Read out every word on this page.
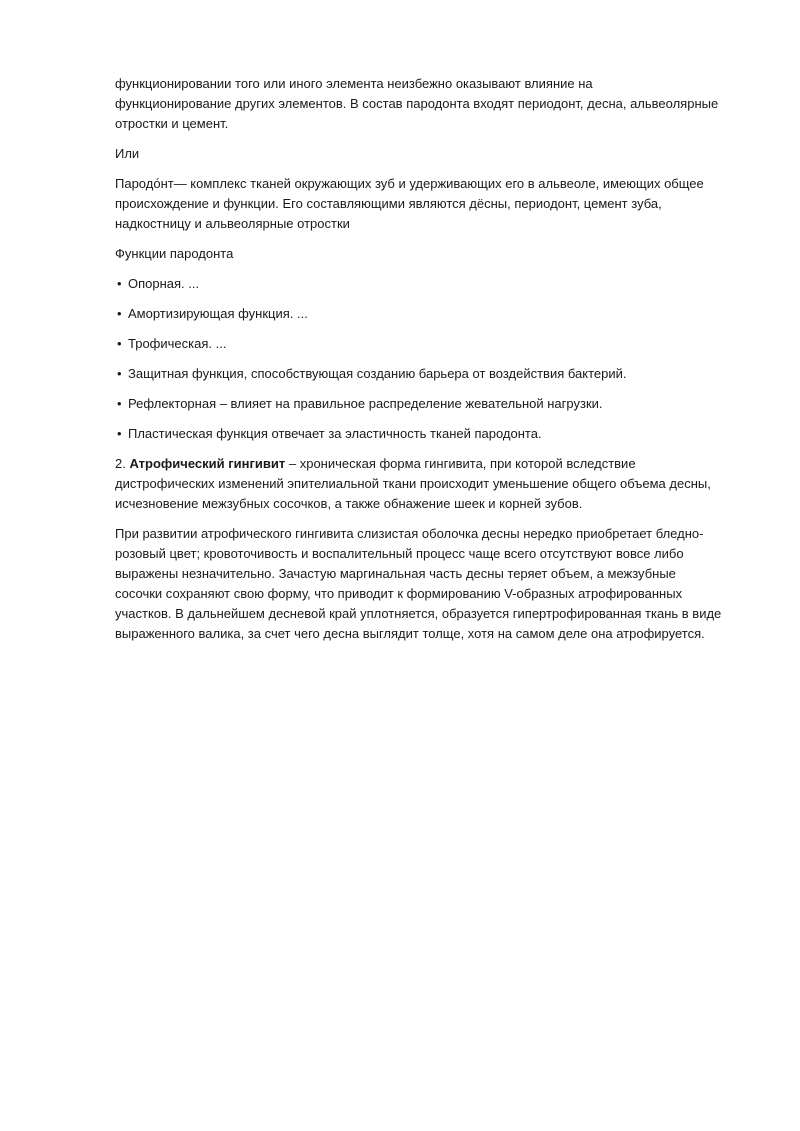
функционировании того или иного элемента неизбежно оказывают влияние на
функционирование других элементов. В состав пародонта входят периодонт, десна, альвеолярные
отростки и цемент.

Или

Пародо́нт— комплекс тканей окружающих зуб и удерживающих его в альвеоле, имеющих общее
происхождение и функции. Его составляющими являются дёсны, периодонт, цемент зуба,
надкостницу и альвеолярные отростки

Функции пародонта

• Опорная. ...
• Амортизирующая функция. ...
• Трофическая. ...
• Защитная функция, способствующая созданию барьера от воздействия бактерий.
• Рефлекторная – влияет на правильное распределение жевательной нагрузки.
• Пластическая функция отвечает за эластичность тканей пародонта.

2. Атрофический гингивит – хроническая форма гингивита, при которой вследствие
дистрофических изменений эпителиальной ткани происходит уменьшение общего объема десны,
исчезновение межзубных сосочков, а также обнажение шеек и корней зубов.

При развитии атрофического гингивита слизистая оболочка десны нередко приобретает бледно-
розовый цвет; кровоточивость и воспалительный процесс чаще всего отсутствуют вовсе либо
выражены незначительно. Зачастую маргинальная часть десны теряет объем, а межзубные
сосочки сохраняют свою форму, что приводит к формированию V-образных атрофированных
участков. В дальнейшем десневой край уплотняется, образуется гипертрофированная ткань в виде
выраженного валика, за счет чего десна выглядит толще, хотя на самом деле она атрофируется.
